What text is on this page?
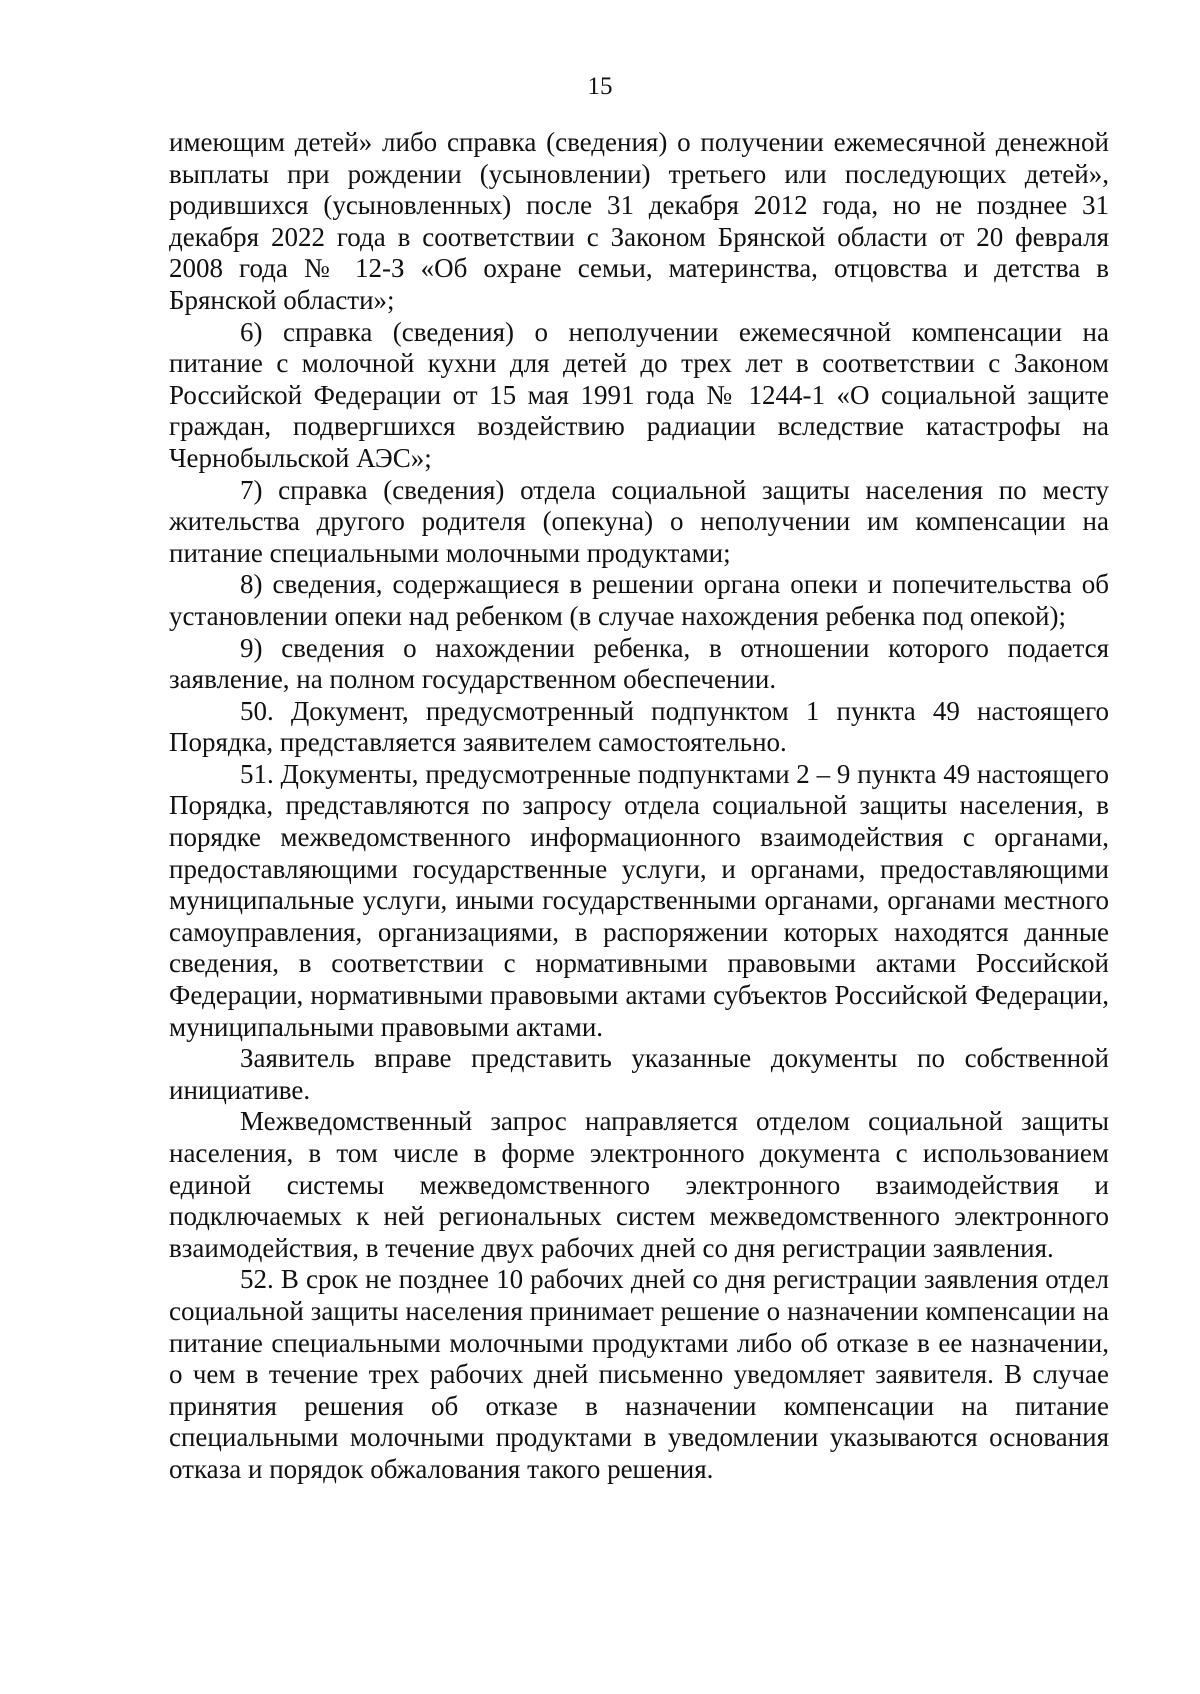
15

имеющим детей» либо справка (сведения) о получении ежемесячной денежной выплаты при рождении (усыновлении) третьего или последующих детей», родившихся (усыновленных) после 31 декабря 2012 года, но не позднее 31 декабря 2022 года в соответствии с Законом Брянской области от 20 февраля 2008 года № 12-З «Об охране семьи, материнства, отцовства и детства в Брянской области»;

6) справка (сведения) о неполучении ежемесячной компенсации на питание с молочной кухни для детей до трех лет в соответствии с Законом Российской Федерации от 15 мая 1991 года № 1244-1 «О социальной защите граждан, подвергшихся воздействию радиации вследствие катастрофы на Чернобыльской АЭС»;

7) справка (сведения) отдела социальной защиты населения по месту жительства другого родителя (опекуна) о неполучении им компенсации на питание специальными молочными продуктами;

8) сведения, содержащиеся в решении органа опеки и попечительства об установлении опеки над ребенком (в случае нахождения ребенка под опекой);

9) сведения о нахождении ребенка, в отношении которого подается заявление, на полном государственном обеспечении.

50. Документ, предусмотренный подпунктом 1 пункта 49 настоящего Порядка, представляется заявителем самостоятельно.

51. Документы, предусмотренные подпунктами 2 – 9 пункта 49 настоящего Порядка, представляются по запросу отдела социальной защиты населения, в порядке межведомственного информационного взаимодействия с органами, предоставляющими государственные услуги, и органами, предоставляющими муниципальные услуги, иными государственными органами, органами местного самоуправления, организациями, в распоряжении которых находятся данные сведения, в соответствии с нормативными правовыми актами Российской Федерации, нормативными правовыми актами субъектов Российской Федерации, муниципальными правовыми актами.

Заявитель вправе представить указанные документы по собственной инициативе.

Межведомственный запрос направляется отделом социальной защиты населения, в том числе в форме электронного документа с использованием единой системы межведомственного электронного взаимодействия и подключаемых к ней региональных систем межведомственного электронного взаимодействия, в течение двух рабочих дней со дня регистрации заявления.

52. В срок не позднее 10 рабочих дней со дня регистрации заявления отдел социальной защиты населения принимает решение о назначении компенсации на питание специальными молочными продуктами либо об отказе в ее назначении, о чем в течение трех рабочих дней письменно уведомляет заявителя. В случае принятия решения об отказе в назначении компенсации на питание специальными молочными продуктами в уведомлении указываются основания отказа и порядок обжалования такого решения.
